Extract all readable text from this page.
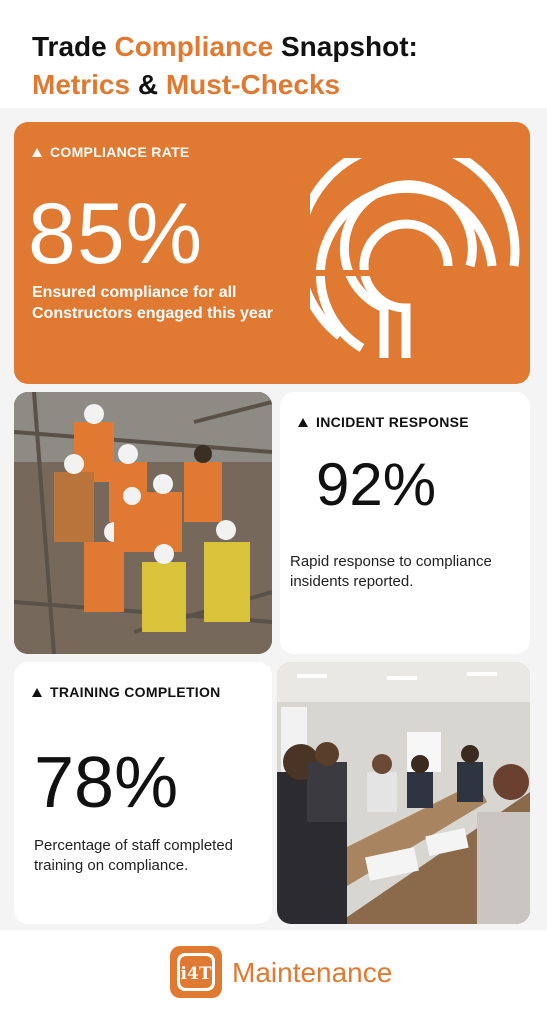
Trade Compliance Snapshot:
Metrics & Must-Checks
COMPLIANCE RATE
85%
Ensured compliance for all Constructors engaged this year
INCIDENT RESPONSE
92%
Rapid response to compliance insidents reported.
TRAINING COMPLETION
78%
Percentage of staff completed training on compliance.
i4T Maintenance
